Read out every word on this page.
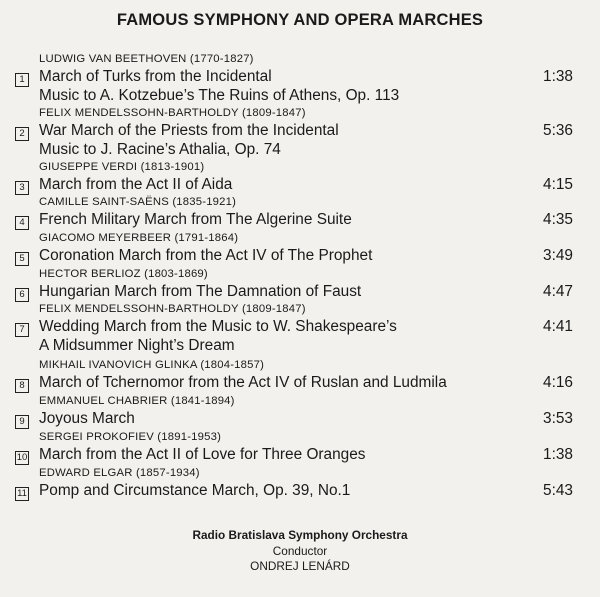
FAMOUS SYMPHONY AND OPERA MARCHES
LUDWIG VAN BEETHOVEN (1770-1827)
1 March of Turks from the Incidental
Music to A. Kotzebue’s The Ruins of Athens, Op. 113
1:38
FELIX MENDELSSOHN-BARTHOLDY (1809-1847)
2 War March of the Priests from the Incidental
Music to J. Racine’s Athalia, Op. 74
5:36
GIUSEPPE VERDI (1813-1901)
3 March from the Act II of Aida	4:15
CAMILLE SAINT-SAËNS (1835-1921)
4 French Military March from The Algerine Suite	4:35
GIACOMO MEYERBEER (1791-1864)
5 Coronation March from the Act IV of The Prophet	3:49
HECTOR BERLIOZ (1803-1869)
6 Hungarian March from The Damnation of Faust	4:47
FELIX MENDELSSOHN-BARTHOLDY (1809-1847)
7 Wedding March from the Music to W. Shakespeare’s
A Midsummer Night’s Dream
4:41
MIKHAIL IVANOVICH GLINKA (1804-1857)
8 March of Tchernomor from the Act IV of Ruslan and Ludmila	4:16
EMMANUEL CHABRIER (1841-1894)
9 Joyous March	3:53
SERGEI PROKOFIEV (1891-1953)
10 March from the Act II of Love for Three Oranges	1:38
EDWARD ELGAR (1857-1934)
11 Pomp and Circumstance March, Op. 39, No.1	5:43
Radio Bratislava Symphony Orchestra
Conductor
ONDREJ LENÁRD
